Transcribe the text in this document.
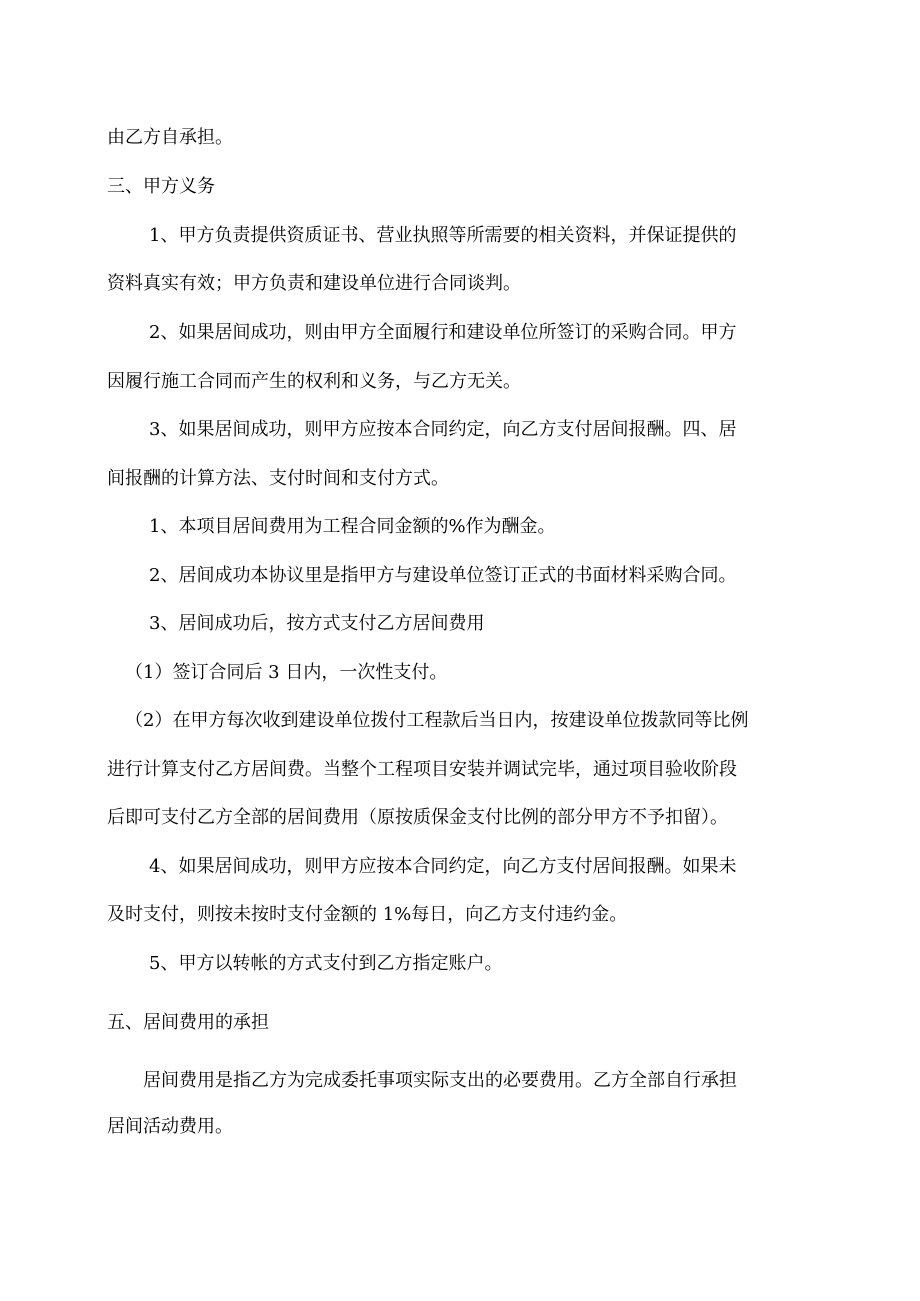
由乙方自承担。
三、甲方义务
1、甲方负责提供资质证书、营业执照等所需要的相关资料，并保证提供的
资料真实有效；甲方负责和建设单位进行合同谈判。
2、如果居间成功，则由甲方全面履行和建设单位所签订的采购合同。甲方
因履行施工合同而产生的权利和义务，与乙方无关。
3、如果居间成功，则甲方应按本合同约定，向乙方支付居间报酬。四、居
间报酬的计算方法、支付时间和支付方式。
1、本项目居间费用为工程合同金额的%作为酬金。
2、居间成功本协议里是指甲方与建设单位签订正式的书面材料采购合同。
3、居间成功后，按方式支付乙方居间费用
（1）签订合同后 3 日内，一次性支付。
（2）在甲方每次收到建设单位拨付工程款后当日内，按建设单位拨款同等比例
进行计算支付乙方居间费。当整个工程项目安装并调试完毕，通过项目验收阶段
后即可支付乙方全部的居间费用（原按质保金支付比例的部分甲方不予扣留）。
4、如果居间成功，则甲方应按本合同约定，向乙方支付居间报酬。如果未
及时支付，则按未按时支付金额的 1%每日，向乙方支付违约金。
5、甲方以转帐的方式支付到乙方指定账户。
五、居间费用的承担
居间费用是指乙方为完成委托事项实际支出的必要费用。乙方全部自行承担
居间活动费用。
